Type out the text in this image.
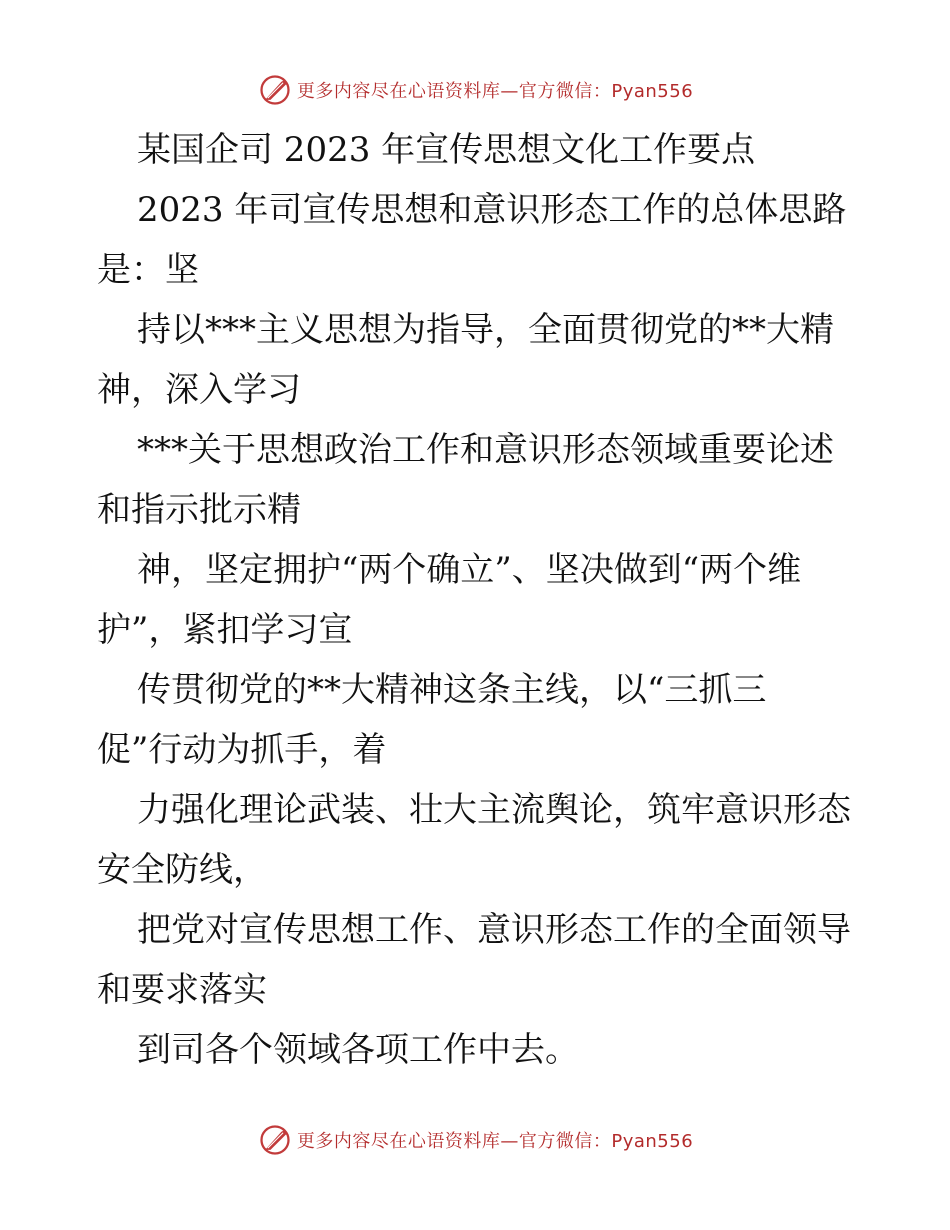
更多内容尽在心语资料库—官方微信：Pyan556
某国企司 2023 年宣传思想文化工作要点
2023 年司宣传思想和意识形态工作的总体思路
是：坚
持以***主义思想为指导，全面贯彻党的**大精
神，深入学习
***关于思想政治工作和意识形态领域重要论述
和指示批示精
神，坚定拥护“两个确立”、坚决做到“两个维
护”，紧扣学习宣
传贯彻党的**大精神这条主线，以“三抓三
促”行动为抓手，着
力强化理论武装、壮大主流舆论，筑牢意识形态
安全防线，
把党对宣传思想工作、意识形态工作的全面领导
和要求落实
到司各个领域各项工作中去。
更多内容尽在心语资料库—官方微信：Pyan556
